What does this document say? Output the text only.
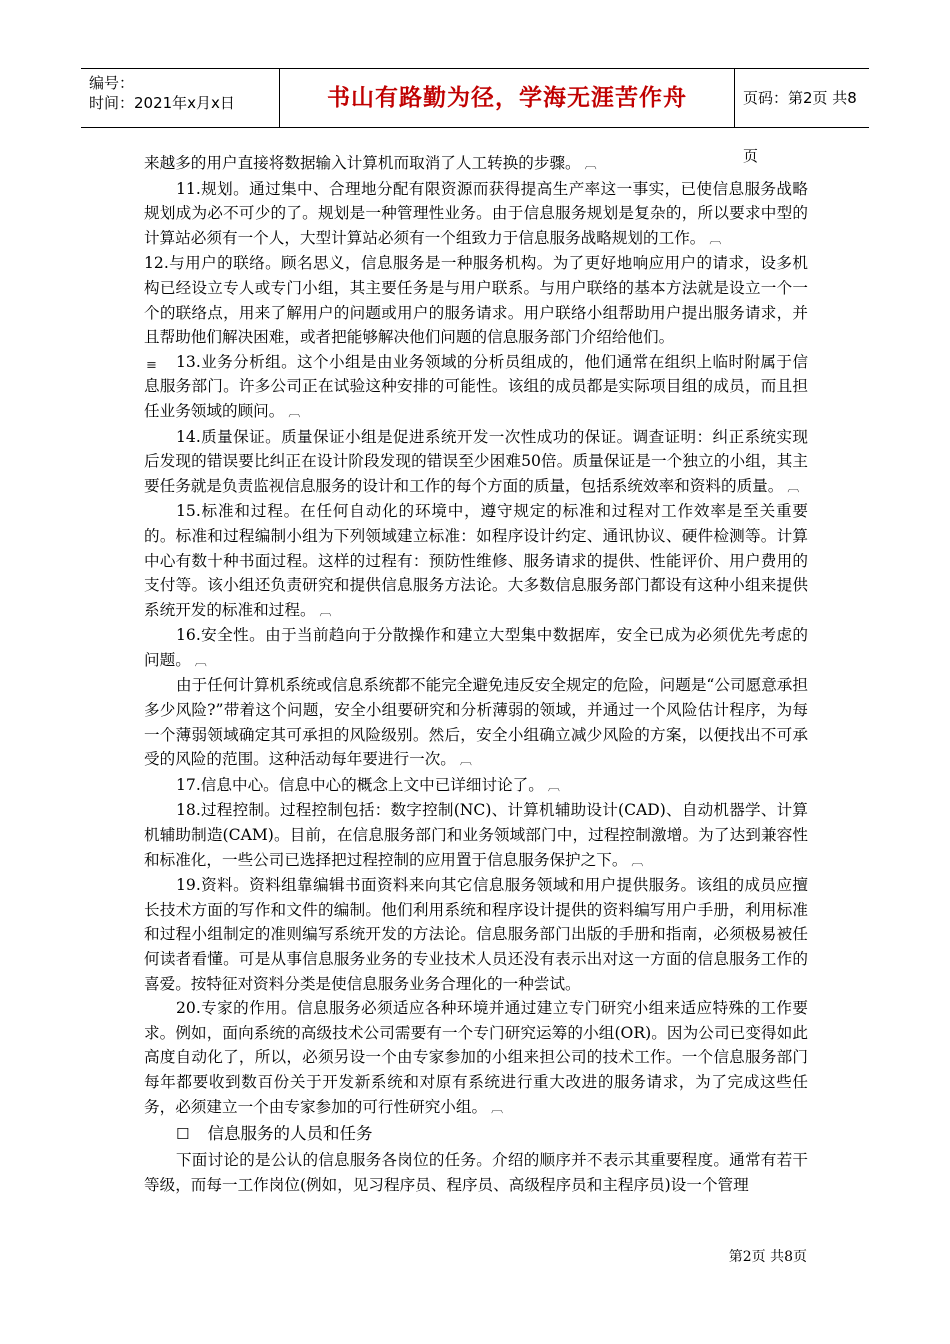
编号：
时间：2021年x月x日	书山有路勤为径，学海无涯苦作舟	页码：第2页 共8页
≡

来越多的用户直接将数据输入计算机而取消了人工转换的步骤。 ︹

11.规划。通过集中、合理地分配有限资源而获得提高生产率这一事实，已使信息服务战略规划成为必不可少的了。规划是一种管理性业务。由于信息服务规划是复杂的，所以要求中型的计算站必须有一个人，大型计算站必须有一个组致力于信息服务战略规划的工作。 ︹

12.与用户的联络。顾名思义，信息服务是一种服务机构。为了更好地响应用户的请求，设多机构已经设立专人或专门小组，其主要任务是与用户联系。与用户联络的基本方法就是设立一个一个的联络点，用来了解用户的问题或用户的服务请求。用户联络小组帮助用户提出服务请求，并且帮助他们解决困难，或者把能够解决他们问题的信息服务部门介绍给他们。

13.业务分析组。这个小组是由业务领域的分析员组成的，他们通常在组织上临时附属于信息服务部门。许多公司正在试验这种安排的可能性。该组的成员都是实际项目组的成员，而且担任业务领域的顾问。 ︹

14.质量保证。质量保证小组是促进系统开发一次性成功的保证。调查证明：纠正系统实现后发现的错误要比纠正在设计阶段发现的错误至少困难50倍。质量保证是一个独立的小组，其主要任务就是负责监视信息服务的设计和工作的每个方面的质量，包括系统效率和资料的质量。 ︹

15.标准和过程。在任何自动化的环境中，遵守规定的标准和过程对工作效率是至关重要的。标准和过程编制小组为下列领域建立标准：如程序设计约定、通讯协议、硬件检测等。计算中心有数十种书面过程。这样的过程有：预防性维修、服务请求的提供、性能评价、用户费用的支付等。该小组还负责研究和提供信息服务方法论。大多数信息服务部门都设有这种小组来提供系统开发的标准和过程。 ︹

16.安全性。由于当前趋向于分散操作和建立大型集中数据库，安全已成为必须优先考虑的问题。 ︹

由于任何计算机系统或信息系统都不能完全避免违反安全规定的危险，问题是“公司愿意承担多少风险?”带着这个问题，安全小组要研究和分析薄弱的领域，并通过一个风险估计程序，为每一个薄弱领域确定其可承担的风险级别。然后，安全小组确立减少风险的方案，以便找出不可承受的风险的范围。这种活动每年要进行一次。 ︹

17.信息中心。信息中心的概念上文中已详细讨论了。 ︹

18.过程控制。过程控制包括：数字控制(NC)、计算机辅助设计(CAD)、自动机器学、计算机辅助制造(CAM)。目前，在信息服务部门和业务领域部门中，过程控制激增。为了达到兼容性和标准化，一些公司已选择把过程控制的应用置于信息服务保护之下。 ︹

19.资料。资料组靠编辑书面资料来向其它信息服务领域和用户提供服务。该组的成员应擅长技术方面的写作和文件的编制。他们利用系统和程序设计提供的资料编写用户手册，利用标准和过程小组制定的准则编写系统开发的方法论。信息服务部门出版的手册和指南，必须极易被任何读者看懂。可是从事信息服务业务的专业技术人员还没有表示出对这一方面的信息服务工作的喜爱。按特征对资料分类是使信息服务业务合理化的一种尝试。

20.专家的作用。信息服务必须适应各种环境并通过建立专门研究小组来适应特殊的工作要求。例如，面向系统的高级技术公司需要有一个专门研究运筹的小组(OR)。因为公司已变得如此高度自动化了，所以，必须另设一个由专家参加的小组来担公司的技术工作。一个信息服务部门每年都要收到数百份关于开发新系统和对原有系统进行重大改进的服务请求，为了完成这些任务，必须建立一个由专家参加的可行性研究小组。 ︹

☐ 信息服务的人员和任务

下面讨论的是公认的信息服务各岗位的任务。介绍的顺序并不表示其重要程度。通常有若干等级，而每一工作岗位(例如，见习程序员、程序员、高级程序员和主程序员)设一个管理

第2页 共8页
